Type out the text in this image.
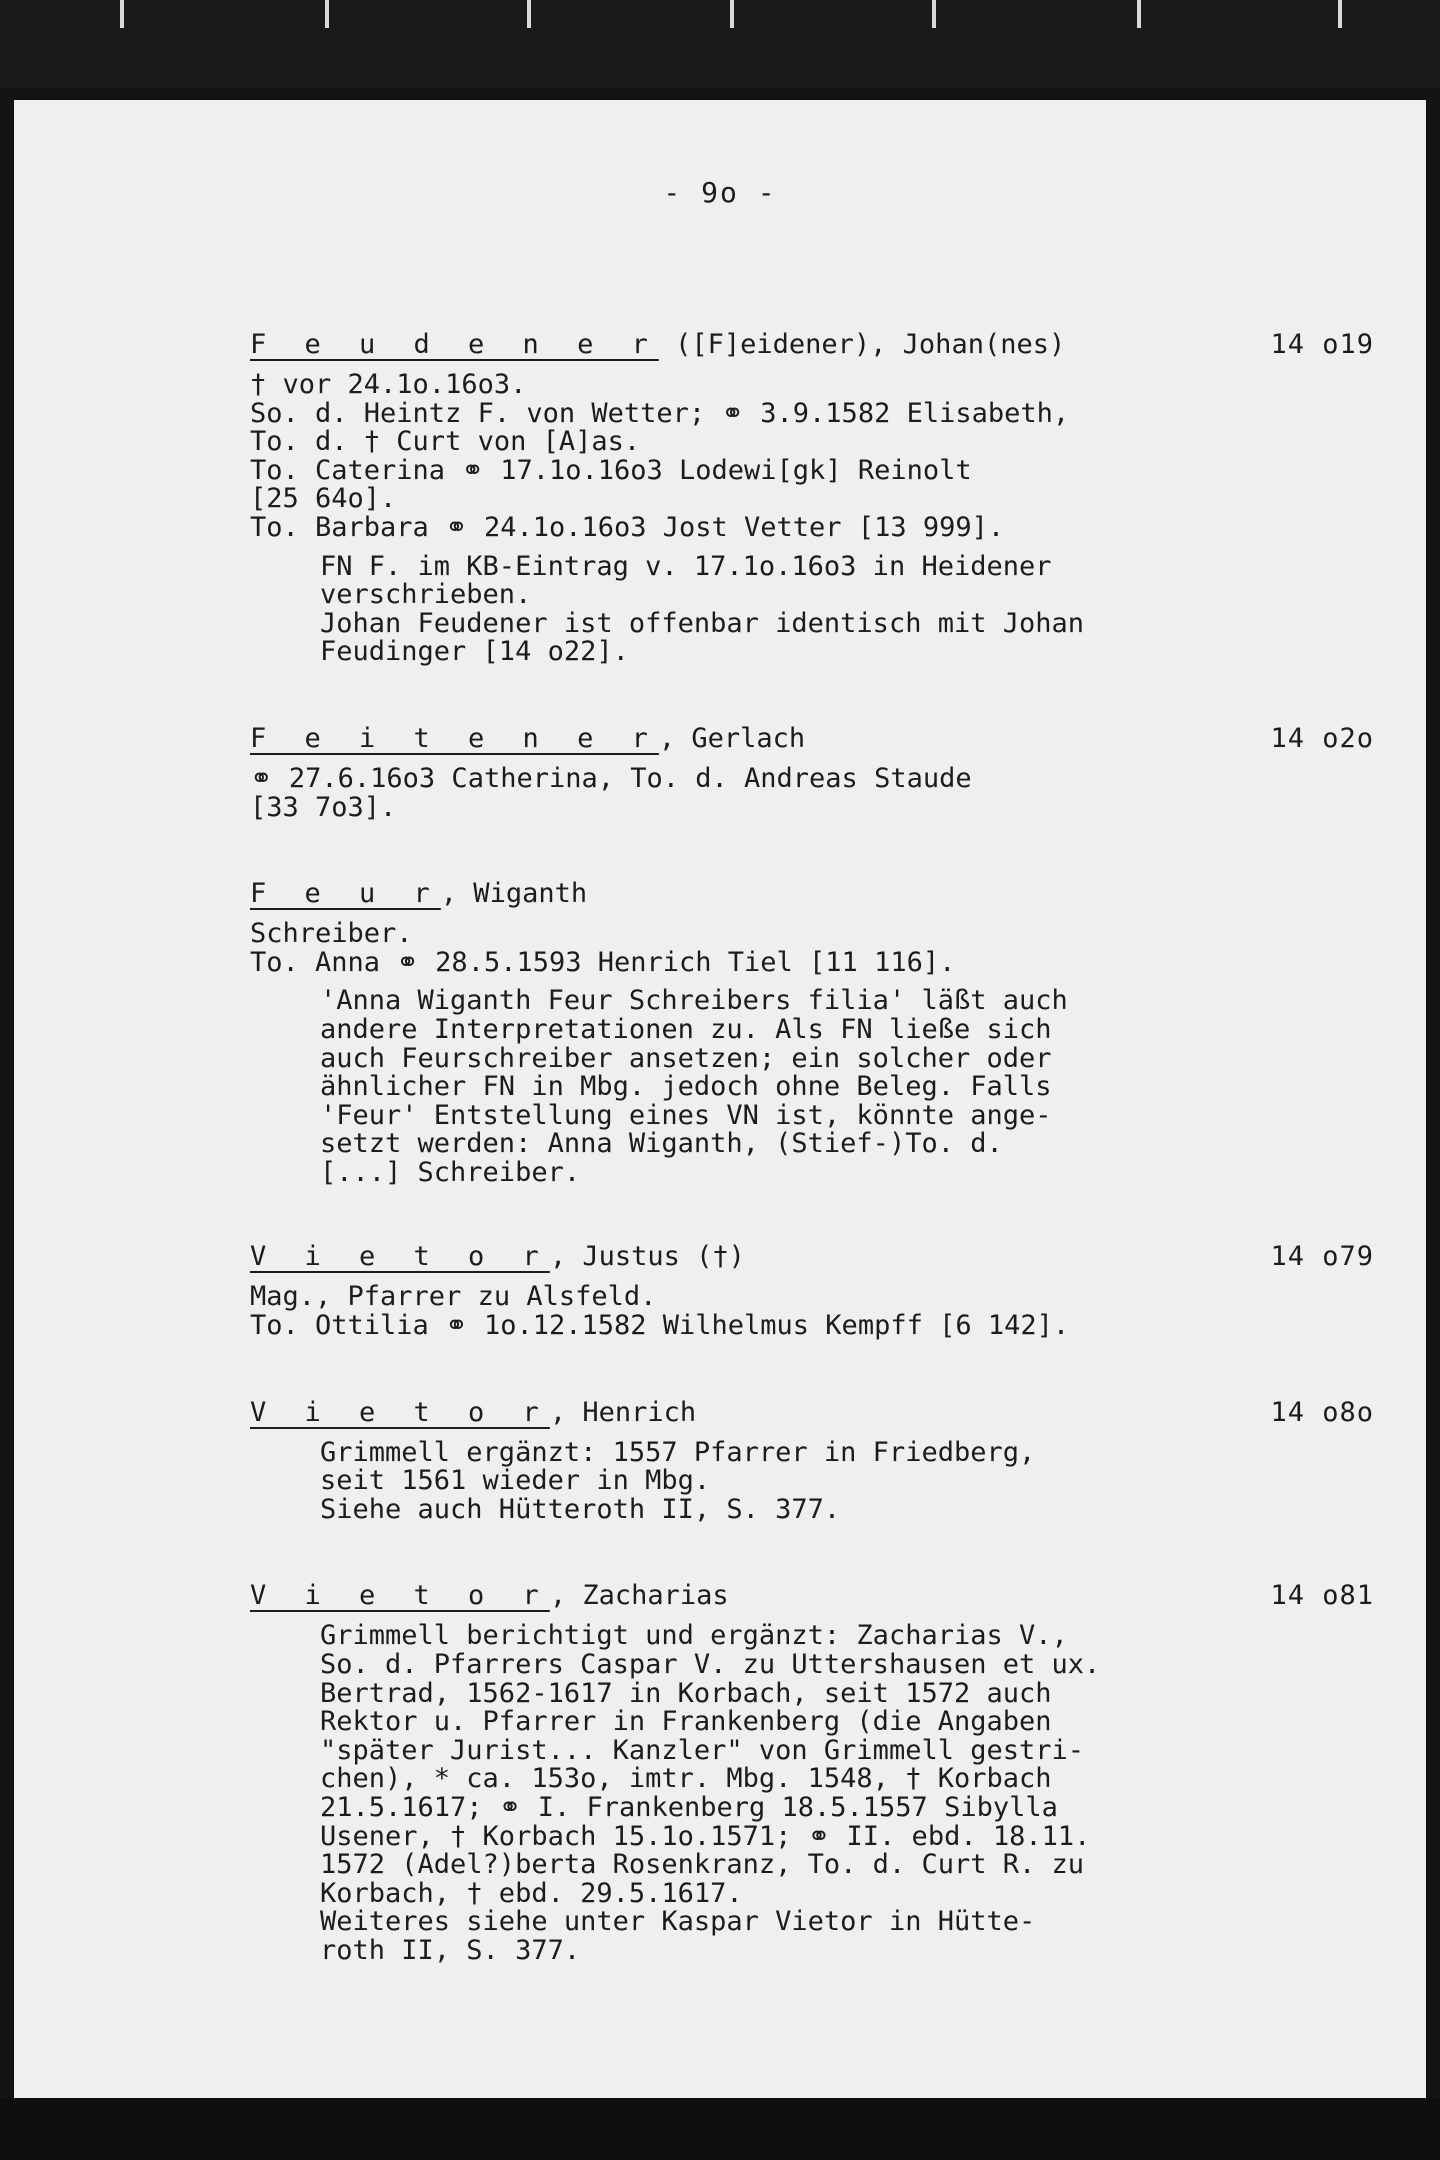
- 9o -
F e u d e n e r ([F]eidener), Johan(nes)	14 o19
† vor 24.1o.16o3.
So. d. Heintz F. von Wetter; ⚭ 3.9.1582 Elisabeth,
To. d. † Curt von [A]as.
To. Caterina ⚭ 17.1o.16o3 Lodewi[gk] Reinolt
[25 64o].
To. Barbara ⚭ 24.1o.16o3 Jost Vetter [13 999].
FN F. im KB-Eintrag v. 17.1o.16o3 in Heidener
verschrieben.
Johan Feudener ist offenbar identisch mit Johan
Feudinger [14 o22].
F e i t e n e r, Gerlach	14 o2o
⚭ 27.6.16o3 Catherina, To. d. Andreas Staude
[33 7o3].
F e u r, Wiganth
Schreiber.
To. Anna ⚭ 28.5.1593 Henrich Tiel [11 116].
'Anna Wiganth Feur Schreibers filia' läßt auch
andere Interpretationen zu. Als FN ließe sich
auch Feurschreiber ansetzen; ein solcher oder
ähnlicher FN in Mbg. jedoch ohne Beleg. Falls
'Feur' Entstellung eines VN ist, könnte ange-
setzt werden: Anna Wiganth, (Stief-)To. d.
[...] Schreiber.
V i e t o r, Justus (†)	14 o79
Mag., Pfarrer zu Alsfeld.
To. Ottilia ⚭ 1o.12.1582 Wilhelmus Kempff [6 142].
V i e t o r, Henrich	14 o8o
Grimmell ergänzt: 1557 Pfarrer in Friedberg,
seit 1561 wieder in Mbg.
Siehe auch Hütteroth II, S. 377.
V i e t o r, Zacharias	14 o81
Grimmell berichtigt und ergänzt: Zacharias V.,
So. d. Pfarrers Caspar V. zu Uttershausen et ux.
Bertrad, 1562-1617 in Korbach, seit 1572 auch
Rektor u. Pfarrer in Frankenberg (die Angaben
"später Jurist... Kanzler" von Grimmell gestri-
chen), * ca. 153o, imtr. Mbg. 1548, † Korbach
21.5.1617; ⚭ I. Frankenberg 18.5.1557 Sibylla
Usener, † Korbach 15.1o.1571; ⚭ II. ebd. 18.11.
1572 (Adel?)berta Rosenkranz, To. d. Curt R. zu
Korbach, † ebd. 29.5.1617.
Weiteres siehe unter Kaspar Vietor in Hütte-
roth II, S. 377.
